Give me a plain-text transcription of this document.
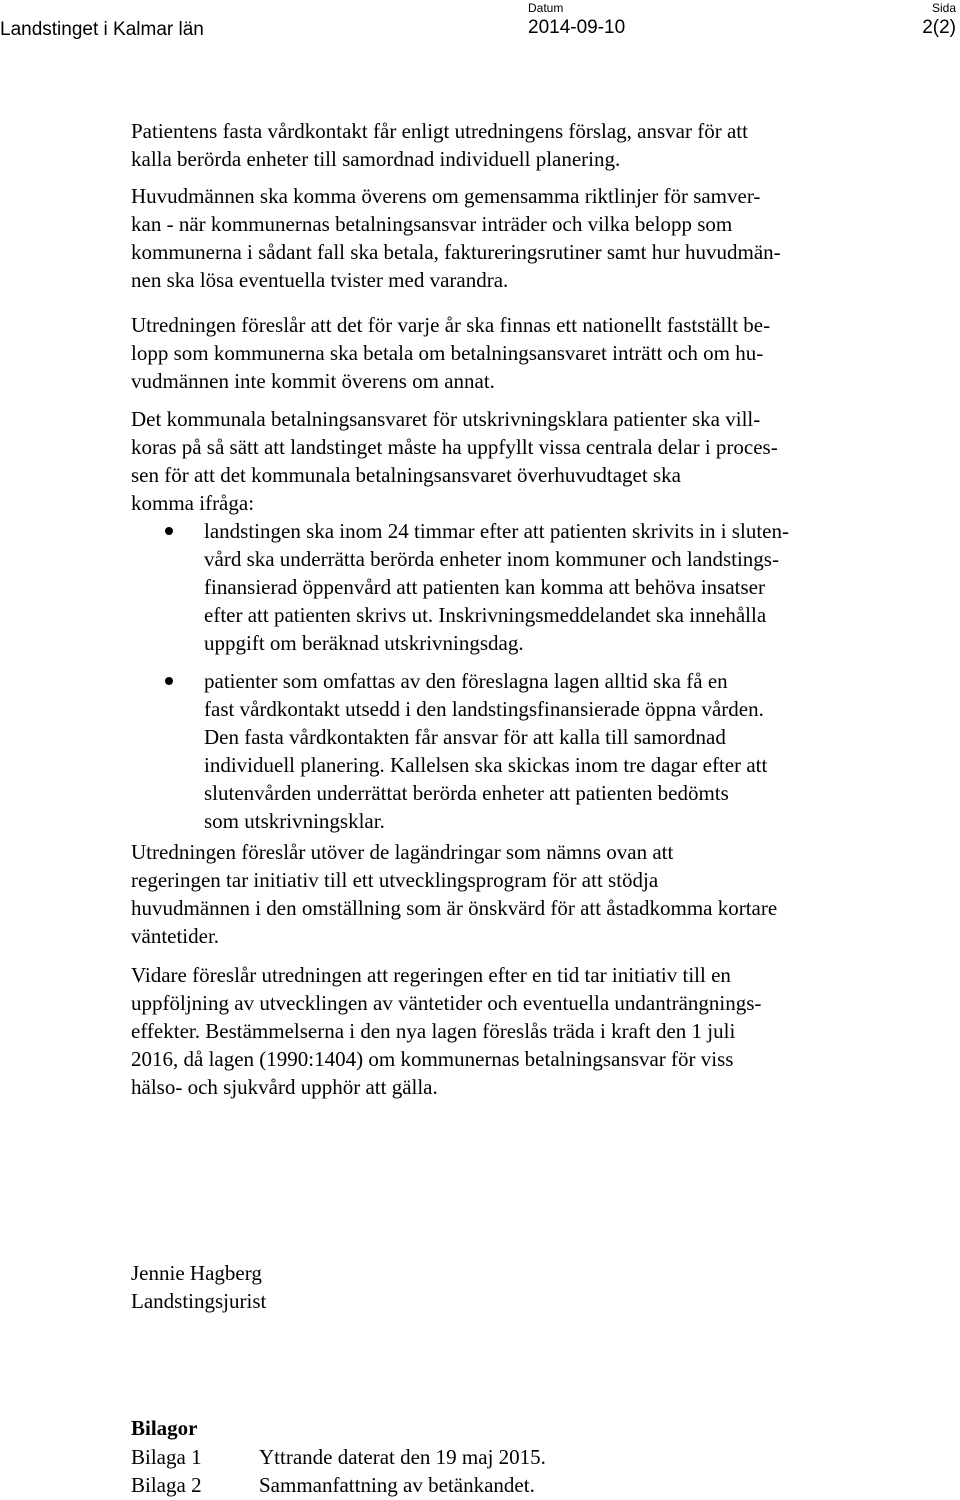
Landstinget i Kalmar län
Datum
2014-09-10
Sida
2(2)
Patientens fasta vårdkontakt får enligt utredningens förslag, ansvar för att
kalla berörda enheter till samordnad individuell planering.
Huvudmännen ska komma överens om gemensamma riktlinjer för samver-
kan - när kommunernas betalningsansvar inträder och vilka belopp som
kommunerna i sådant fall ska betala, faktureringsrutiner samt hur huvudmän-
nen ska lösa eventuella tvister med varandra.
Utredningen föreslår att det för varje år ska finnas ett nationellt fastställt be-
lopp som kommunerna ska betala om betalningsansvaret inträtt och om hu-
vudmännen inte kommit överens om annat.
Det kommunala betalningsansvaret för utskrivningsklara patienter ska vill-
koras på så sätt att landstinget måste ha uppfyllt vissa centrala delar i proces-
sen för att det kommunala betalningsansvaret överhuvudtaget ska
komma ifråga:
landstingen ska inom 24 timmar efter att patienten skrivits in i sluten-
vård ska underrätta berörda enheter inom kommuner och landstings-
finansierad öppenvård att patienten kan komma att behöva insatser
efter att patienten skrivs ut. Inskrivningsmeddelandet ska innehålla
uppgift om beräknad utskrivningsdag.
patienter som omfattas av den föreslagna lagen alltid ska få en
fast vårdkontakt utsedd i den landstingsfinansierade öppna vården.
Den fasta vårdkontakten får ansvar för att kalla till samordnad
individuell planering. Kallelsen ska skickas inom tre dagar efter att
slutenvården underrättat berörda enheter att patienten bedömts
som utskrivningsklar.
Utredningen föreslår utöver de lagändringar som nämns ovan att
regeringen tar initiativ till ett utvecklingsprogram för att stödja
huvudmännen i den omställning som är önskvärd för att åstadkomma kortare
väntetider.
Vidare föreslår utredningen att regeringen efter en tid tar initiativ till en
uppföljning av utvecklingen av väntetider och eventuella undanträngnings-
effekter. Bestämmelserna i den nya lagen föreslås träda i kraft den 1 juli
2016, då lagen (1990:1404) om kommunernas betalningsansvar för viss
hälso- och sjukvård upphör att gälla.
Jennie Hagberg
Landstingsjurist
Bilagor
Bilaga 1	Yttrande daterat den 19 maj 2015.
Bilaga 2	Sammanfattning av betänkandet.
